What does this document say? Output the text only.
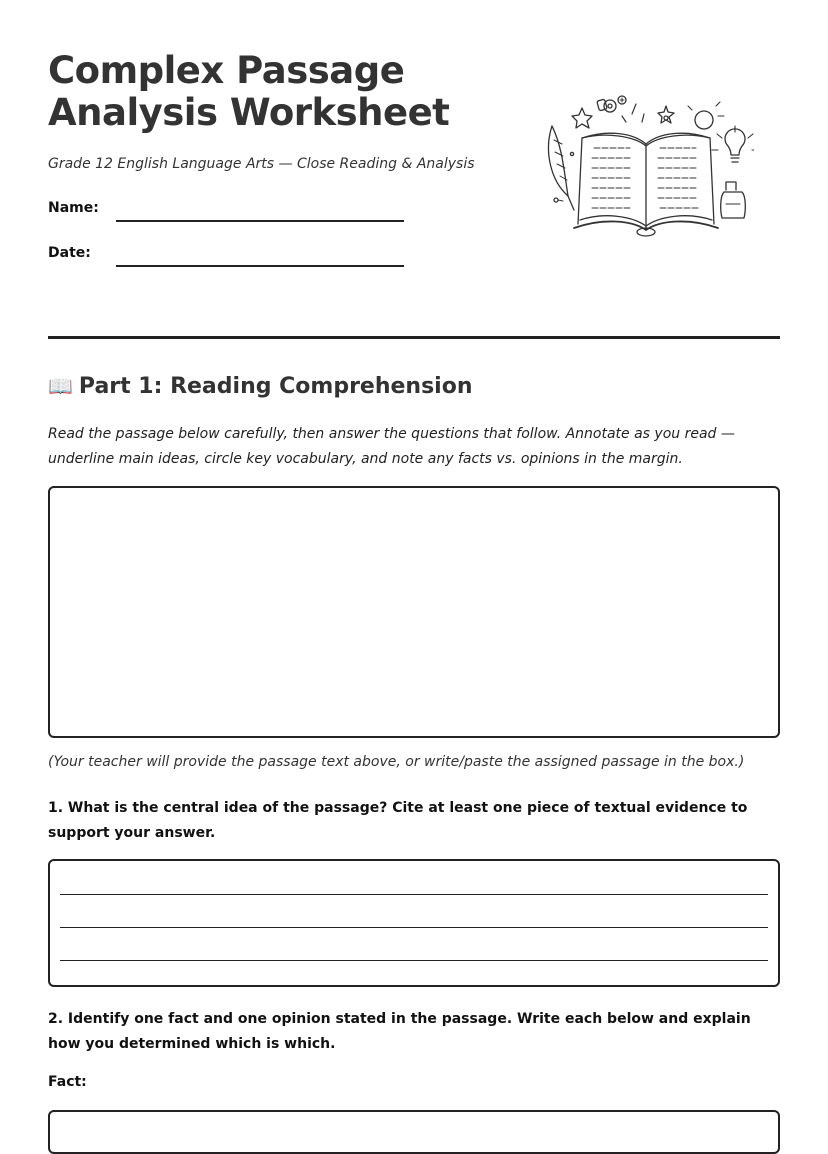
Complex Passage Analysis Worksheet

Grade 12 English Language Arts — Close Reading & Analysis

Name:
Date:
📖 Part 1: Reading Comprehension

Read the passage below carefully, then answer the questions that follow. Annotate as you read — underline main ideas, circle key vocabulary, and note any facts vs. opinions in the margin.

(Your teacher will provide the passage text above, or write/paste the assigned passage in the box.)

1. What is the central idea of the passage? Cite at least one piece of textual evidence to support your answer.

2. Identify one fact and one opinion stated in the passage. Write each below and explain how you determined which is which.

Fact:
